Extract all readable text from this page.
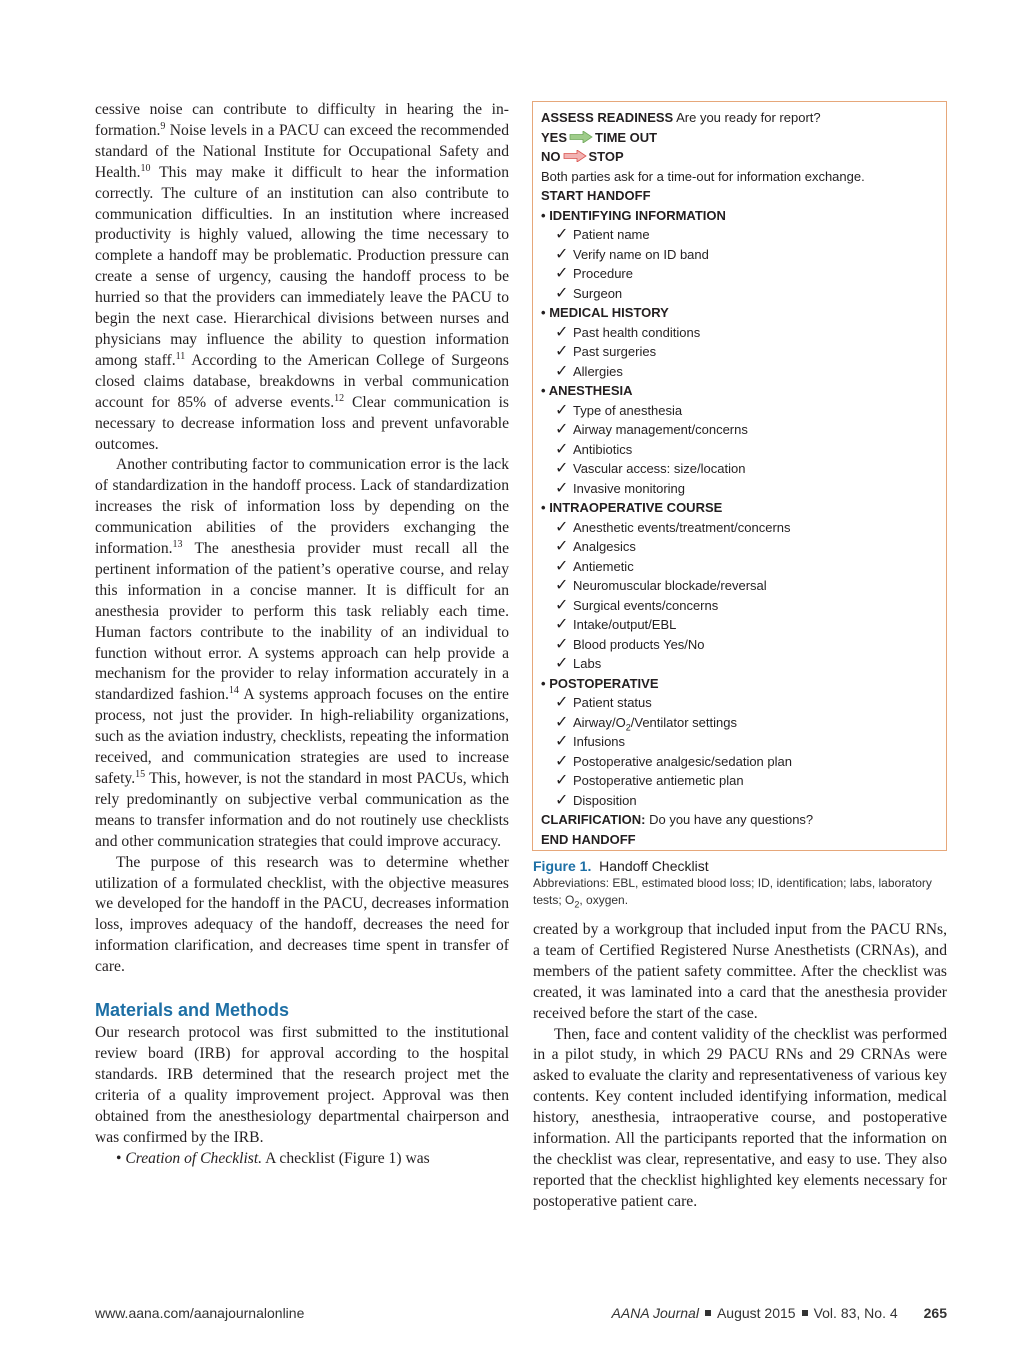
cessive noise can contribute to difficulty in hearing the information.$^9$ Noise levels in a PACU can exceed the recommended standard of the National Institute for Occupational Safety and Health.$^{10}$ This may make it difficult to hear the information correctly. The culture of an institution can also contribute to communication difficulties. In an institution where increased productivity is highly valued, allowing the time necessary to complete a handoff may be problematic. Production pressure can create a sense of urgency, causing the handoff process to be hurried so that the providers can immediately leave the PACU to begin the next case. Hierarchical divisions between nurses and physicians may influence the ability to question information among staff.$^{11}$ According to the American College of Surgeons closed claims database, breakdowns in verbal communication account for 85% of adverse events.$^{12}$ Clear communication is necessary to decrease information loss and prevent unfavorable outcomes.

Another contributing factor to communication error is the lack of standardization in the handoff process. Lack of standardization increases the risk of information loss by depending on the communication abilities of the providers exchanging the information.$^{13}$ The anesthesia provider must recall all the pertinent information of the patient’s operative course, and relay this information in a concise manner. It is difficult for an anesthesia provider to perform this task reliably each time. Human factors contribute to the inability of an individual to function without error. A systems approach can help provide a mechanism for the provider to relay information accurately in a standardized fashion.$^{14}$ A systems approach focuses on the entire process, not just the provider. In high-reliability organizations, such as the aviation industry, checklists, repeating the information received, and communication strategies are used to increase safety.$^{15}$ This, however, is not the standard in most PACUs, which rely predominantly on subjective verbal communication as the means to transfer information and do not routinely use checklists and other communication strategies that could improve accuracy.

The purpose of this research was to determine whether utilization of a formulated checklist, with the objective measures we developed for the handoff in the PACU, decreases information loss, improves adequacy of the handoff, decreases the need for information clarification, and decreases time spent in transfer of care.

Materials and Methods

Our research protocol was first submitted to the institutional review board (IRB) for approval according to the hospital standards. IRB determined that the research project met the criteria of a quality improvement project. Approval was then obtained from the anesthesiology departmental chairperson and was confirmed by the IRB.

• Creation of Checklist. A checklist (Figure 1) was

ASSESS READINESS Are you ready for report?
YES TIME OUT
NO STOP
Both parties ask for a time-out for information exchange.
START HANDOFF
• IDENTIFYING INFORMATION
✓ Patient name
✓ Verify name on ID band
✓ Procedure
✓ Surgeon
• MEDICAL HISTORY
✓ Past health conditions
✓ Past surgeries
✓ Allergies
• ANESTHESIA
✓ Type of anesthesia
✓ Airway management/concerns
✓ Antibiotics
✓ Vascular access: size/location
✓ Invasive monitoring
• INTRAOPERATIVE COURSE
✓ Anesthetic events/treatment/concerns
✓ Analgesics
✓ Antiemetic
✓ Neuromuscular blockade/reversal
✓ Surgical events/concerns
✓ Intake/output/EBL
✓ Blood products Yes/No
✓ Labs
• POSTOPERATIVE
✓ Patient status
✓ Airway/$O_2$/Ventilator settings
✓ Infusions
✓ Postoperative analgesic/sedation plan
✓ Postoperative antiemetic plan
✓ Disposition
CLARIFICATION: Do you have any questions?
END HANDOFF
Figure 1. Handoff Checklist
Abbreviations: EBL, estimated blood loss; ID, identification; labs, laboratory tests; $O_2$, oxygen.

created by a workgroup that included input from the PACU RNs, a team of Certified Registered Nurse Anesthetists (CRNAs), and members of the patient safety committee. After the checklist was created, it was laminated into a card that the anesthesia provider received before the start of the case.

Then, face and content validity of the checklist was performed in a pilot study, in which 29 PACU RNs and 29 CRNAs were asked to evaluate the clarity and representativeness of various key contents. Key content included identifying information, medical history, anesthesia, intraoperative course, and postoperative information. All the participants reported that the information on the checklist was clear, representative, and easy to use. They also reported that the checklist highlighted key elements necessary for postoperative patient care.

www.aana.com/aanajournalonline	AANA Journal August 2015 Vol. 83, No. 4 265
